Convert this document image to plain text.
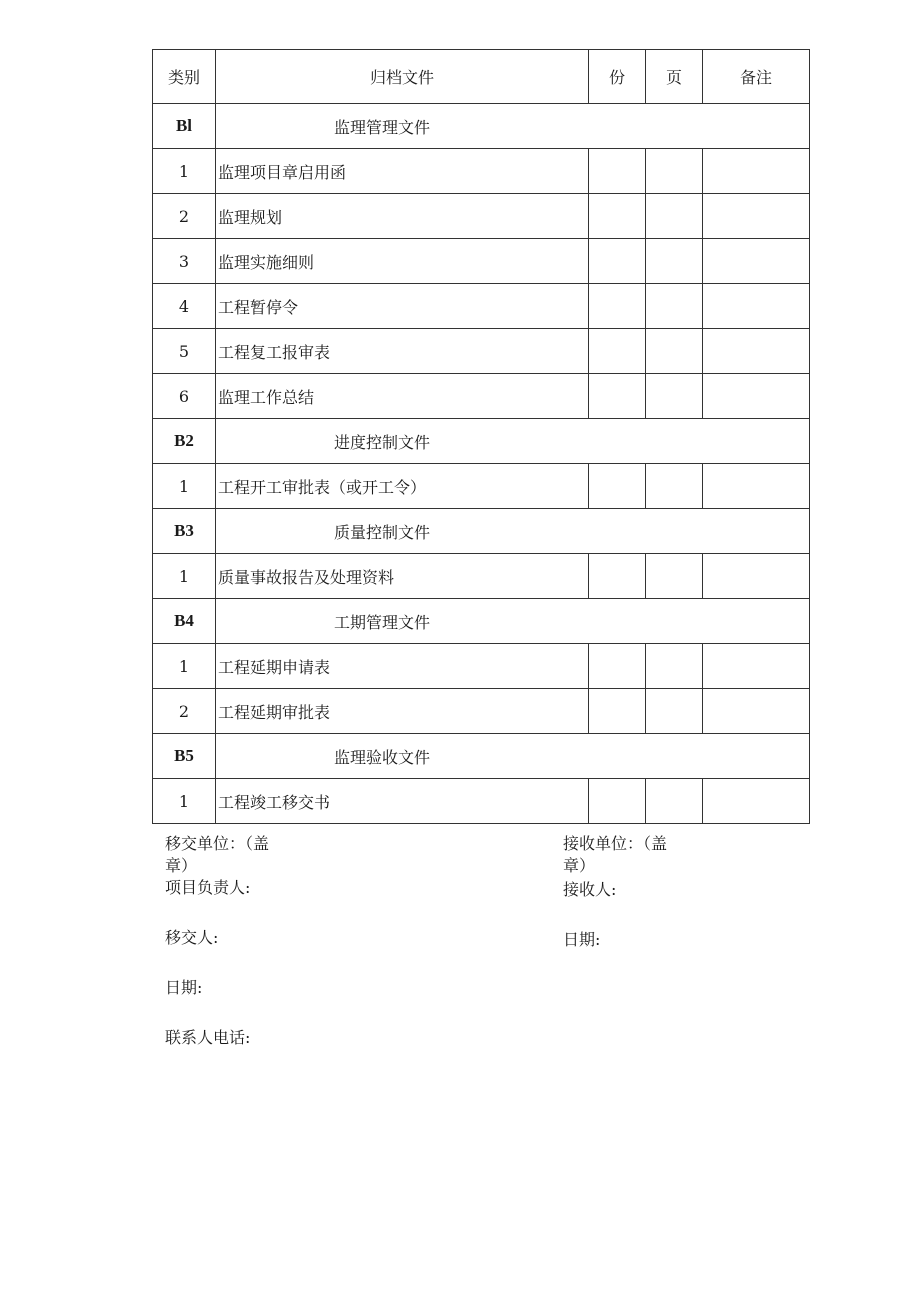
类别	归档文件	份	页	备注
Bl	监理管理文件			
1	监理项目章启用函			
2	监理规划			
3	监理实施细则			
4	工程暂停令			
5	工程复工报审表			
6	监理工作总结			
B2	进度控制文件			
1	工程开工审批表（或开工令）			
B3	质量控制文件			
1	质量事故报告及处理资料			
B4	工期管理文件			
1	工程延期申请表			
2	工程延期审批表			
B5	监理验收文件			
1	工程竣工移交书			
移交单位：（盖
章）
项目负责人:
移交人:
日期:
联系人电话:
接收单位：（盖
章）
接收人:
日期:
